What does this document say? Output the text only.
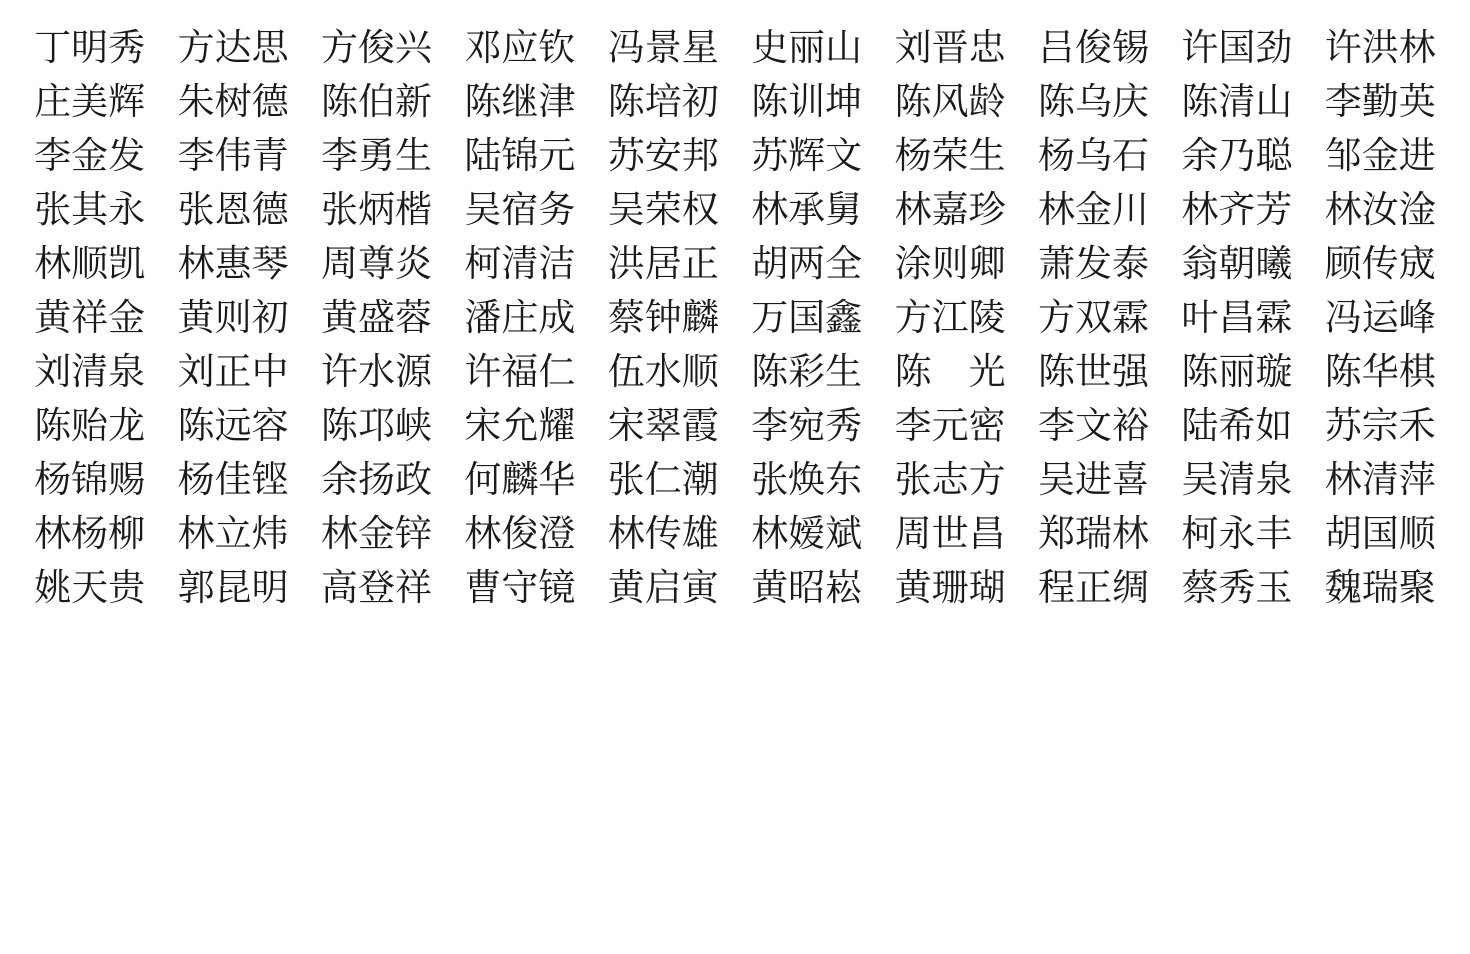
丁明秀 方达思 方俊兴 邓应钦 冯景星 史丽山 刘晋忠 吕俊锡 许国劲 许洪林
庄美辉 朱树德 陈伯新 陈继津 陈培初 陈训坤 陈风龄 陈乌庆 陈清山 李勤英
李金发 李伟青 李勇生 陆锦元 苏安邦 苏辉文 杨荣生 杨乌石 余乃聪 邹金进
张其永 张恩德 张炳楷 吴宿务 吴荣权 林承舅 林嘉珍 林金川 林齐芳 林汝淦
林顺凯 林惠琴 周尊炎 柯清洁 洪居正 胡两全 涂则卿 萧发泰 翁朝曦 顾传宬
黄祥金 黄则初 黄盛蓉 潘庄成 蔡钟麟 万国鑫 方江陵 方双霖 叶昌霖 冯运峰
刘清泉 刘正中 许水源 许福仁 伍水顺 陈彩生 陈　光 陈世强 陈丽璇 陈华棋
陈贻龙 陈远容 陈邛峡 宋允耀 宋翠霞 李宛秀 李元密 李文裕 陆希如 苏宗禾
杨锦赐 杨佳铿 余扬政 何麟华 张仁潮 张焕东 张志方 吴进喜 吴清泉 林清萍
林杨柳 林立炜 林金锌 林俊澄 林传雄 林嫒斌 周世昌 郑瑞林 柯永丰 胡国顺
姚天贵 郭昆明 高登祥 曹守镜 黄启寅 黄昭崧 黄珊瑚 程正绸 蔡秀玉 魏瑞聚
